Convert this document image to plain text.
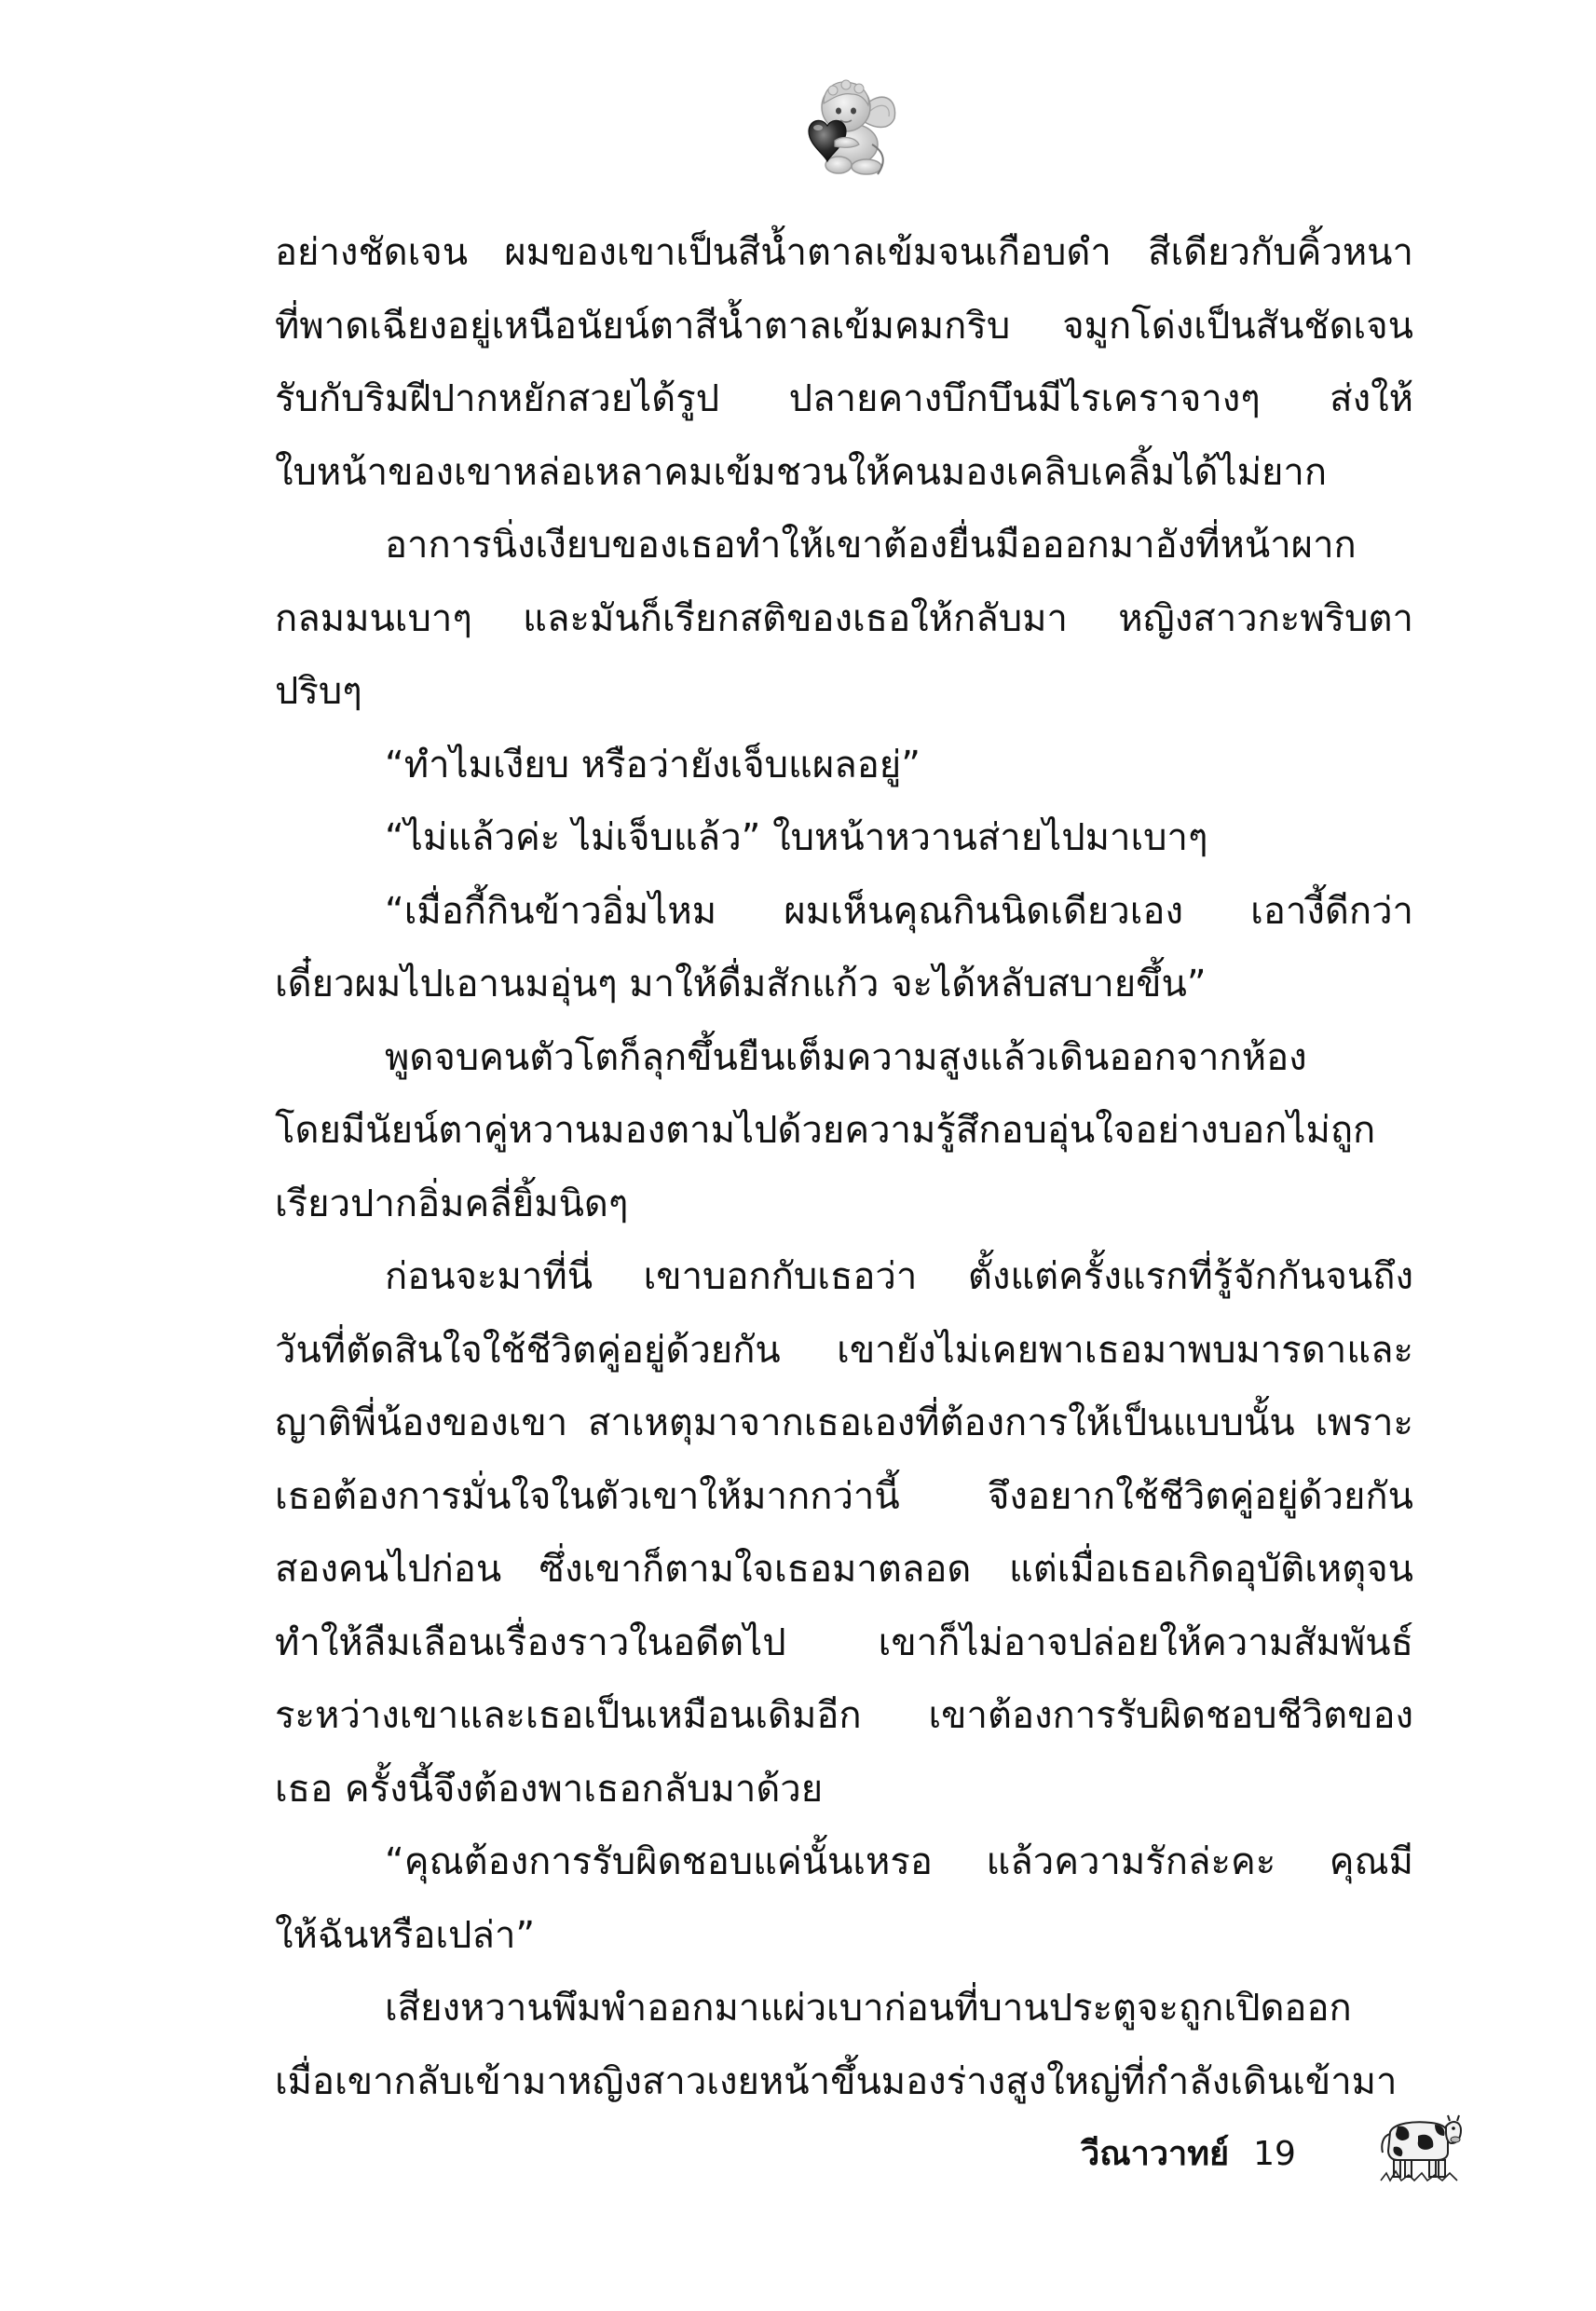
อย่างชัดเจน ผมของเขาเป็นสีน้ำตาลเข้มจนเกือบดำ สีเดียวกับคิ้วหนา
ที่พาดเฉียงอยู่เหนือนัยน์ตาสีน้ำตาลเข้มคมกริบ จมูกโด่งเป็นสันชัดเจน
รับกับริมฝีปากหยักสวยได้รูป ปลายคางบึกบึนมีไรเคราจางๆ ส่งให้
ใบหน้าของเขาหล่อเหลาคมเข้มชวนให้คนมองเคลิบเคลิ้มได้ไม่ยาก
อาการนิ่งเงียบของเธอทำให้เขาต้องยื่นมือออกมาอังที่หน้าผาก
กลมมนเบาๆ และมันก็เรียกสติของเธอให้กลับมา หญิงสาวกะพริบตา
ปริบๆ
“ทำไมเงียบ หรือว่ายังเจ็บแผลอยู่”
“ไม่แล้วค่ะ ไม่เจ็บแล้ว” ใบหน้าหวานส่ายไปมาเบาๆ
“เมื่อกี้กินข้าวอิ่มไหม ผมเห็นคุณกินนิดเดียวเอง เอางี้ดีกว่า
เดี๋ยวผมไปเอานมอุ่นๆ มาให้ดื่มสักแก้ว จะได้หลับสบายขึ้น”
พูดจบคนตัวโตก็ลุกขึ้นยืนเต็มความสูงแล้วเดินออกจากห้อง
โดยมีนัยน์ตาคู่หวานมองตามไปด้วยความรู้สึกอบอุ่นใจอย่างบอกไม่ถูก
เรียวปากอิ่มคลี่ยิ้มนิดๆ
ก่อนจะมาที่นี่ เขาบอกกับเธอว่า ตั้งแต่ครั้งแรกที่รู้จักกันจนถึง
วันที่ตัดสินใจใช้ชีวิตคู่อยู่ด้วยกัน เขายังไม่เคยพาเธอมาพบมารดาและ
ญาติพี่น้องของเขา สาเหตุมาจากเธอเองที่ต้องการให้เป็นแบบนั้น เพราะ
เธอต้องการมั่นใจในตัวเขาให้มากกว่านี้ จึงอยากใช้ชีวิตคู่อยู่ด้วยกัน
สองคนไปก่อน ซึ่งเขาก็ตามใจเธอมาตลอด แต่เมื่อเธอเกิดอุบัติเหตุจน
ทำให้ลืมเลือนเรื่องราวในอดีตไป เขาก็ไม่อาจปล่อยให้ความสัมพันธ์
ระหว่างเขาและเธอเป็นเหมือนเดิมอีก เขาต้องการรับผิดชอบชีวิตของ
เธอ ครั้งนี้จึงต้องพาเธอกลับมาด้วย
“คุณต้องการรับผิดชอบแค่นั้นเหรอ แล้วความรักล่ะคะ คุณมี
ให้ฉันหรือเปล่า”
เสียงหวานพึมพำออกมาแผ่วเบาก่อนที่บานประตูจะถูกเปิดออก
เมื่อเขากลับเข้ามาหญิงสาวเงยหน้าขึ้นมองร่างสูงใหญ่ที่กำลังเดินเข้ามา
วีณาวาทย์ 19
